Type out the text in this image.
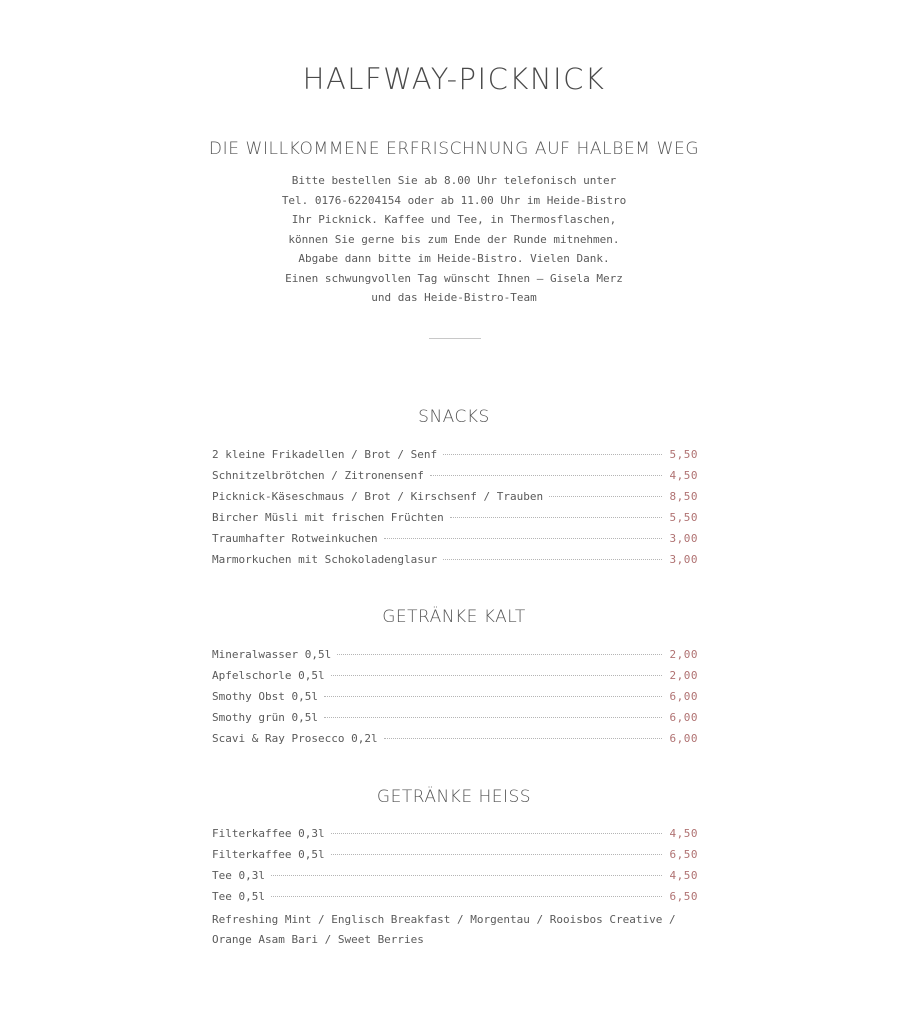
HALFWAY-PICKNICK
DIE WILLKOMMENE ERFRISCHNUNG AUF HALBEM WEG

Bitte bestellen Sie ab 8.00 Uhr telefonisch unter
Tel. 0176-62204154 oder ab 11.00 Uhr im Heide-Bistro
Ihr Picknick. Kaffee und Tee, in Thermosflaschen,
können Sie gerne bis zum Ende der Runde mitnehmen.
Abgabe dann bitte im Heide-Bistro. Vielen Dank.
Einen schwungvollen Tag wünscht Ihnen – Gisela Merz
und das Heide-Bistro-Team

SNACKS
2 kleine Frikadellen / Brot / Senf	5,50
Schnitzelbrötchen / Zitronensenf	4,50
Picknick-Käseschmaus / Brot / Kirschsenf / Trauben	8,50
Bircher Müsli mit frischen Früchten	5,50
Traumhafter Rotweinkuchen	3,00
Marmorkuchen mit Schokoladenglasur	3,00
GETRÄNKE KALT
Mineralwasser 0,5l	2,00
Apfelschorle 0,5l	2,00
Smothy Obst 0,5l	6,00
Smothy grün 0,5l	6,00
Scavi & Ray Prosecco 0,2l	6,00
GETRÄNKE HEISS
Filterkaffee 0,3l	4,50
Filterkaffee 0,5l	6,50
Tee 0,3l	4,50
Tee 0,5l	6,50

Refreshing Mint / Englisch Breakfast / Morgentau / Rooisbos Creative /
Orange Asam Bari / Sweet Berries
